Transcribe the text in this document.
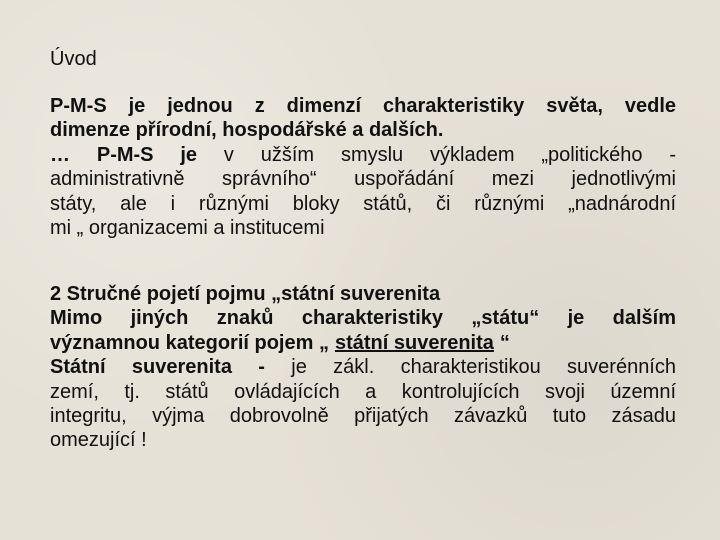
Úvod
P-M-S je jednou z dimenzí charakteristiky světa, vedle
dimenze přírodní, hospodářské a dalších.
… P-M-S je v užším smyslu výkladem „politického -
administrativně správního“ uspořádání mezi jednotlivými
státy, ale i různými bloky států, či různými „nadnárodní
mi „ organizacemi a institucemi
2 Stručné pojetí pojmu „státní suverenita
Mimo jiných znaků charakteristiky „státu“ je dalším
významnou kategorií pojem „ státní suverenita “
Státní suverenita - je zákl. charakteristikou suverénních
zemí, tj. států ovládajících a kontrolujících svoji územní
integritu, výjma dobrovolně přijatých závazků tuto zásadu
omezující !
